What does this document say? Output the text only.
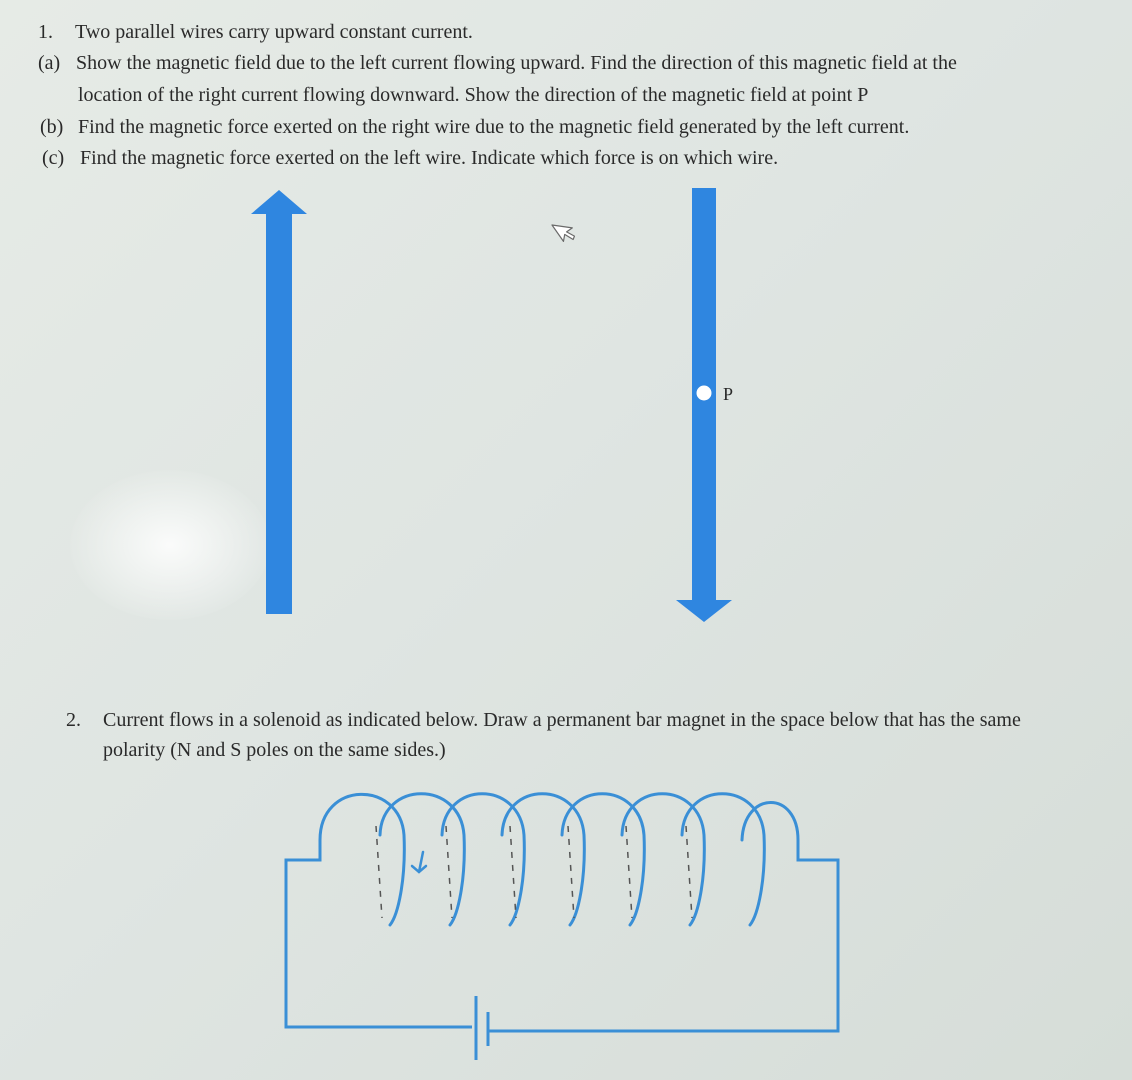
1. Two parallel wires carry upward constant current.
(a) Show the magnetic field due to the left current flowing upward. Find the direction of this magnetic field at the
location of the right current flowing downward. Show the direction of the magnetic field at point P
(b) Find the magnetic force exerted on the right wire due to the magnetic field generated by the left current.
(c) Find the magnetic force exerted on the left wire. Indicate which force is on which wire.
P
2. Current flows in a solenoid as indicated below. Draw a permanent bar magnet in the space below that has the same
polarity (N and S poles on the same sides.)
